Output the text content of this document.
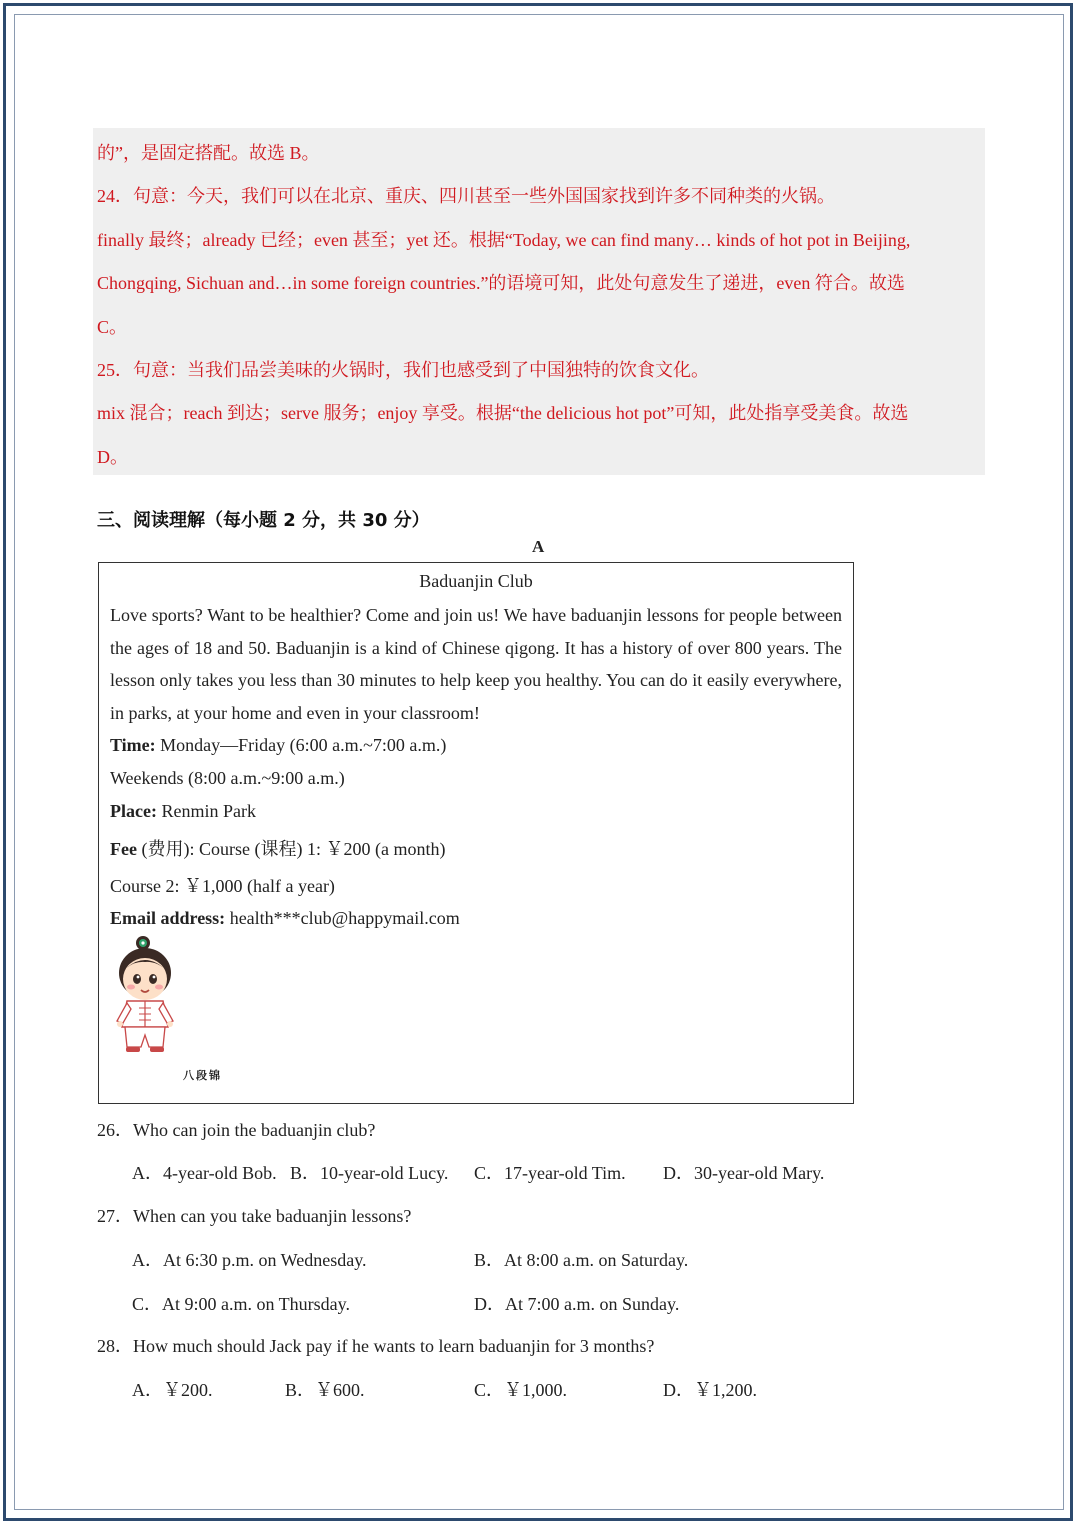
的”，是固定搭配。故选 B。
24．句意：今天，我们可以在北京、重庆、四川甚至一些外国国家找到许多不同种类的火锅。
finally 最终；already 已经；even 甚至；yet 还。根据“Today, we can find many… kinds of hot pot in Beijing,
Chongqing, Sichuan and…in some foreign countries.”的语境可知，此处句意发生了递进，even 符合。故选
C。
25．句意：当我们品尝美味的火锅时，我们也感受到了中国独特的饮食文化。
mix 混合；reach 到达；serve 服务；enjoy 享受。根据“the delicious hot pot”可知，此处指享受美食。故选
D。
三、阅读理解（每小题 2 分，共 30 分）
A
Baduanjin Club
Love sports? Want to be healthier? Come and join us! We have baduanjin lessons for people between the ages of 18 and 50. Baduanjin is a kind of Chinese qigong. It has a history of over 800 years. The lesson only takes you less than 30 minutes to help keep you healthy. You can do it easily everywhere, in parks, at your home and even in your classroom!
Time: Monday—Friday (6:00 a.m.~7:00 a.m.)
Weekends (8:00 a.m.~9:00 a.m.)
Place: Renmin Park
Fee (费用): Course (课程) 1: ￥200 (a month)
Course 2: ￥1,000 (half a year)
Email address: health***club@happymail.com
八段锦
26．Who can join the baduanjin club?
A．4-year-old Bob. B．10-year-old Lucy. C．17-year-old Tim. D．30-year-old Mary.
27．When can you take baduanjin lessons?
A．At 6:30 p.m. on Wednesday.	B．At 8:00 a.m. on Saturday.
C．At 9:00 a.m. on Thursday.	D．At 7:00 a.m. on Sunday.
28．How much should Jack pay if he wants to learn baduanjin for 3 months?
A．￥200.	B．￥600.	C．￥1,000.	D．￥1,200.
